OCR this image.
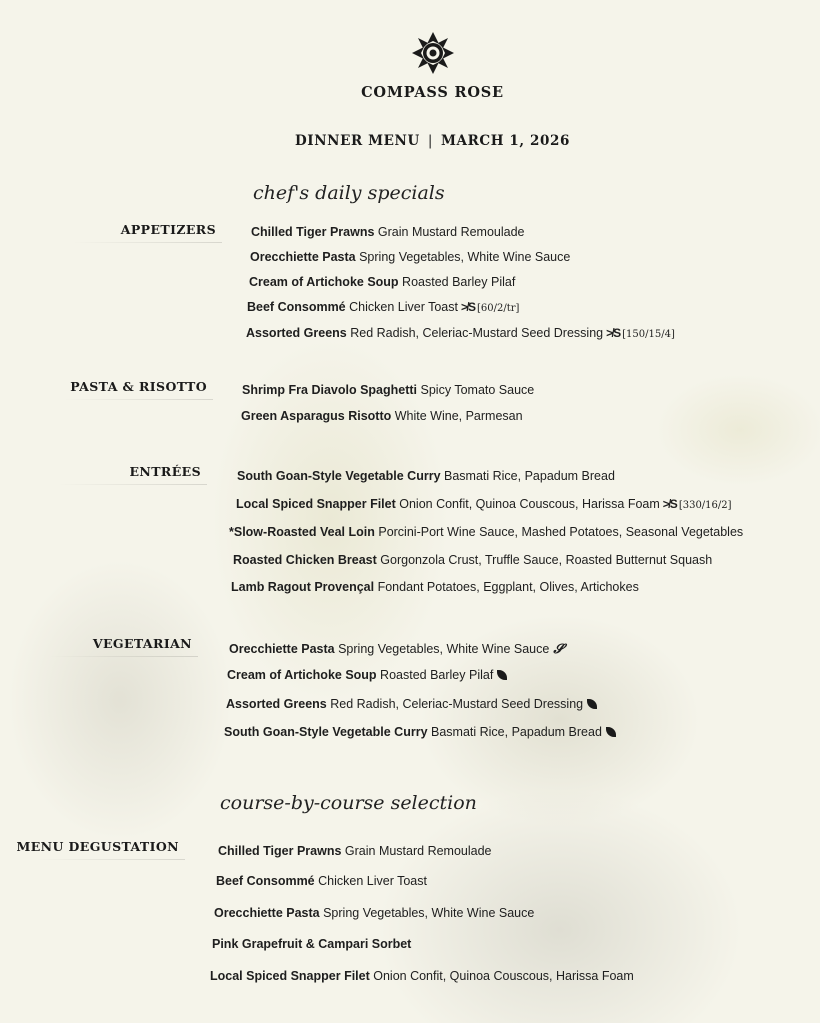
COMPASS ROSE
DINNER MENU | MARCH 1, 2026
chef's daily specials
APPETIZERS	Chilled Tiger Prawns Grain Mustard Remoulade
Orecchiette Pasta Spring Vegetables, White Wine Sauce
Cream of Artichoke Soup Roasted Barley Pilaf
Beef Consommé Chicken Liver Toast ≯S[60/2/tr]
Assorted Greens Red Radish, Celeriac-Mustard Seed Dressing ≯S[150/15/4]
PASTA & RISOTTO	Shrimp Fra Diavolo Spaghetti Spicy Tomato Sauce
Green Asparagus Risotto White Wine, Parmesan
ENTRÉES	South Goan-Style Vegetable Curry Basmati Rice, Papadum Bread
Local Spiced Snapper Filet Onion Confit, Quinoa Couscous, Harissa Foam ≯S[330/16/2]
*Slow-Roasted Veal Loin Porcini-Port Wine Sauce, Mashed Potatoes, Seasonal Vegetables
Roasted Chicken Breast Gorgonzola Crust, Truffle Sauce, Roasted Butternut Squash
Lamb Ragout Provençal Fondant Potatoes, Eggplant, Olives, Artichokes
VEGETARIAN	Orecchiette Pasta Spring Vegetables, White Wine Sauce 𝓢
Cream of Artichoke Soup Roasted Barley Pilaf
Assorted Greens Red Radish, Celeriac-Mustard Seed Dressing
South Goan-Style Vegetable Curry Basmati Rice, Papadum Bread
course-by-course selection
MENU DEGUSTATION	Chilled Tiger Prawns Grain Mustard Remoulade
Beef Consommé Chicken Liver Toast
Orecchiette Pasta Spring Vegetables, White Wine Sauce
Pink Grapefruit & Campari Sorbet
Local Spiced Snapper Filet Onion Confit, Quinoa Couscous, Harissa Foam
